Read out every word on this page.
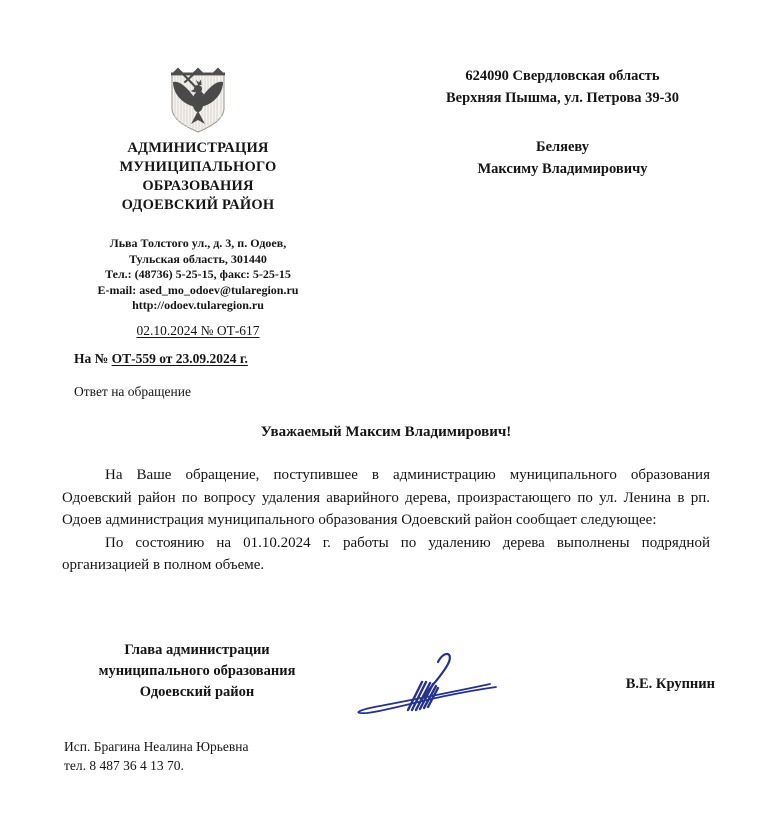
АДМИНИСТРАЦИЯ
МУНИЦИПАЛЬНОГО
ОБРАЗОВАНИЯ
ОДОЕВСКИЙ РАЙОН
Льва Толстого ул., д. 3, п. Одоев,
Тульская область, 301440
Тел.: (48736) 5-25-15, факс: 5-25-15
E-mail: ased_mo_odoev@tularegion.ru
http://odoev.tularegion.ru
02.10.2024 № ОТ-617
На № ОТ-559 от 23.09.2024 г.
Ответ на обращение
624090 Свердловская область
Верхняя Пышма, ул. Петрова 39-30
Беляеву
Максиму Владимировичу
Уважаемый Максим Владимирович!

На Ваше обращение, поступившее в администрацию муниципального образования Одоевский район по вопросу удаления аварийного дерева, произрастающего по ул. Ленина в рп. Одоев администрация муниципального образования Одоевский район сообщает следующее:

По состоянию на 01.10.2024 г. работы по удалению дерева выполнены подрядной организацией в полном объеме.

Глава администрации
муниципального образования
Одоевский район	В.Е. Крупнин
Исп. Брагина Неалина Юрьевна
тел. 8 487 36 4 13 70.
